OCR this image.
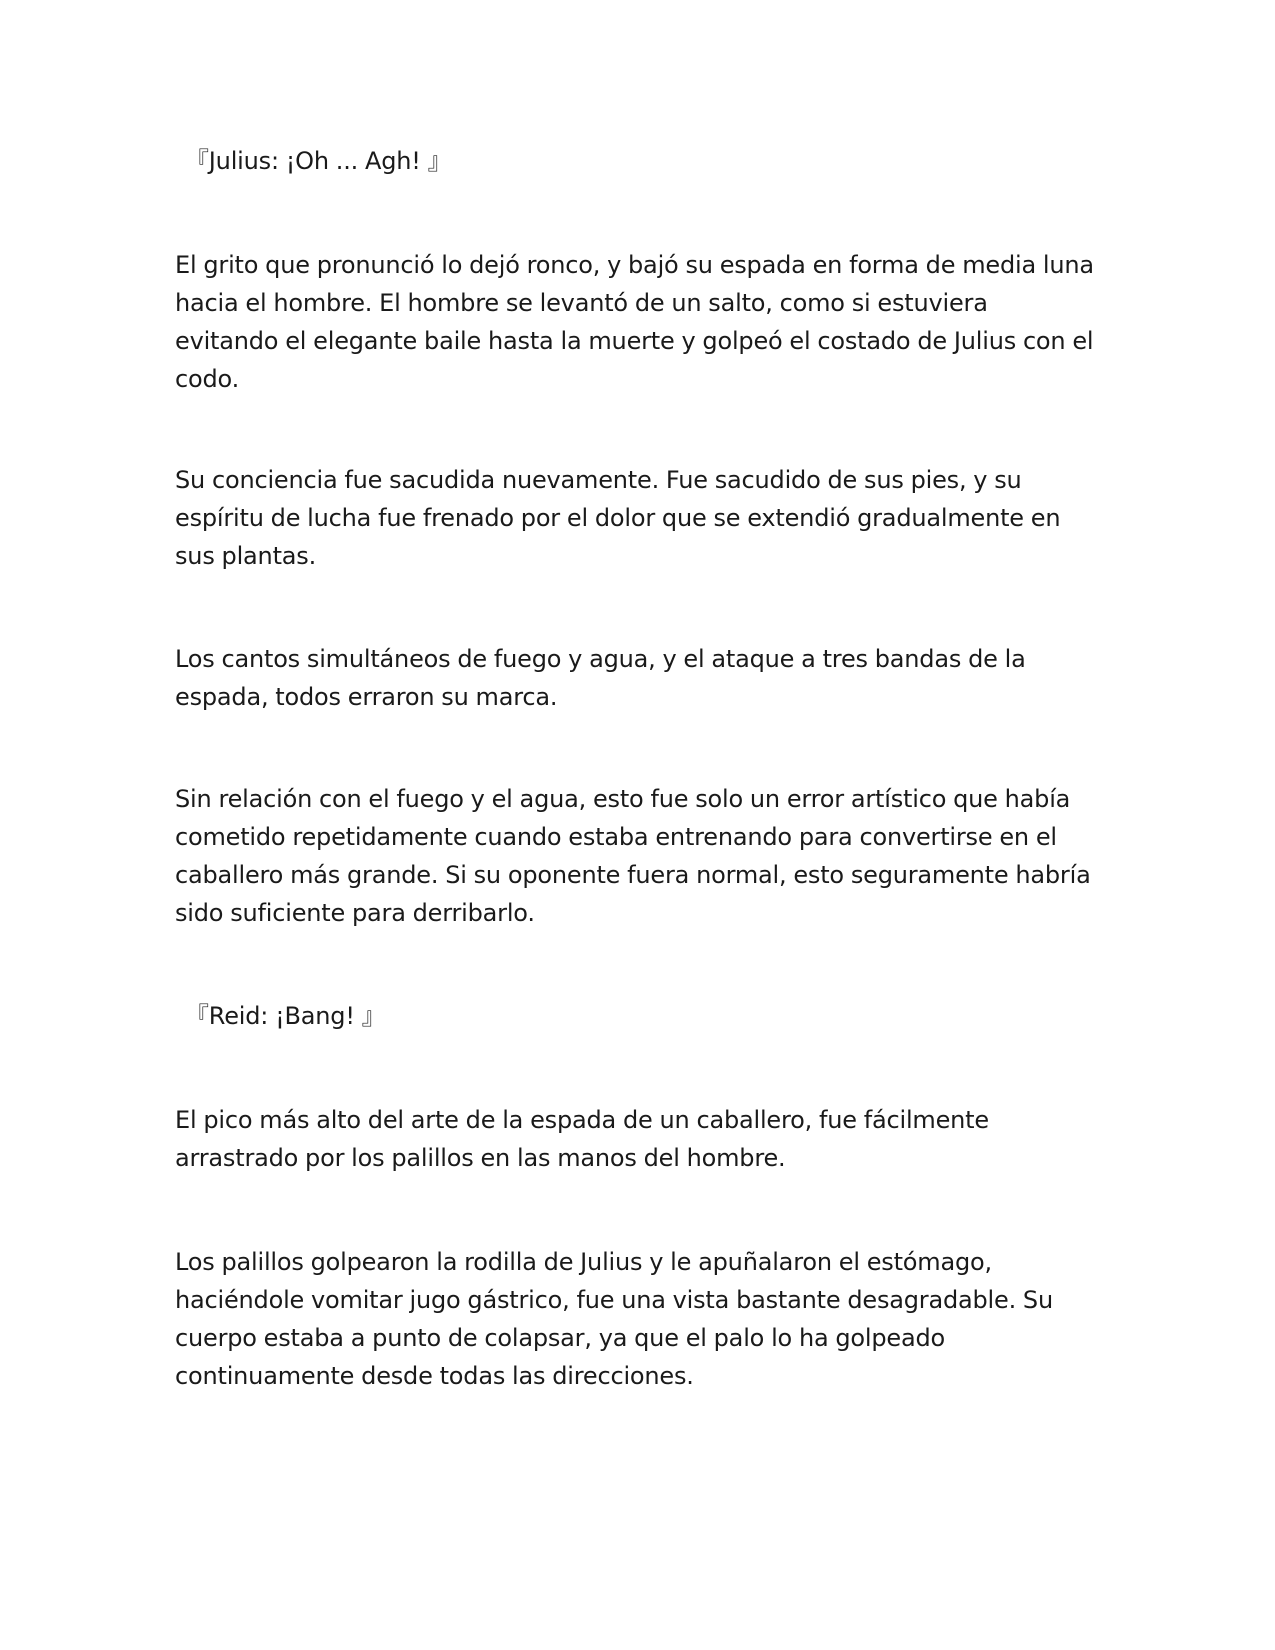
『Julius: ¡Oh ... Agh! 』

El grito que pronunció lo dejó ronco, y bajó su espada en forma de media luna hacia el hombre. El hombre se levantó de un salto, como si estuviera evitando el elegante baile hasta la muerte y golpeó el costado de Julius con el codo.

Su conciencia fue sacudida nuevamente. Fue sacudido de sus pies, y su espíritu de lucha fue frenado por el dolor que se extendió gradualmente en sus plantas.

Los cantos simultáneos de fuego y agua, y el ataque a tres bandas de la espada, todos erraron su marca.

Sin relación con el fuego y el agua, esto fue solo un error artístico que había cometido repetidamente cuando estaba entrenando para convertirse en el caballero más grande. Si su oponente fuera normal, esto seguramente habría sido suficiente para derribarlo.

『Reid: ¡Bang! 』

El pico más alto del arte de la espada de un caballero, fue fácilmente arrastrado por los palillos en las manos del hombre.

Los palillos golpearon la rodilla de Julius y le apuñalaron el estómago, haciéndole vomitar jugo gástrico, fue una vista bastante desagradable. Su cuerpo estaba a punto de colapsar, ya que el palo lo ha golpeado continuamente desde todas las direcciones.
